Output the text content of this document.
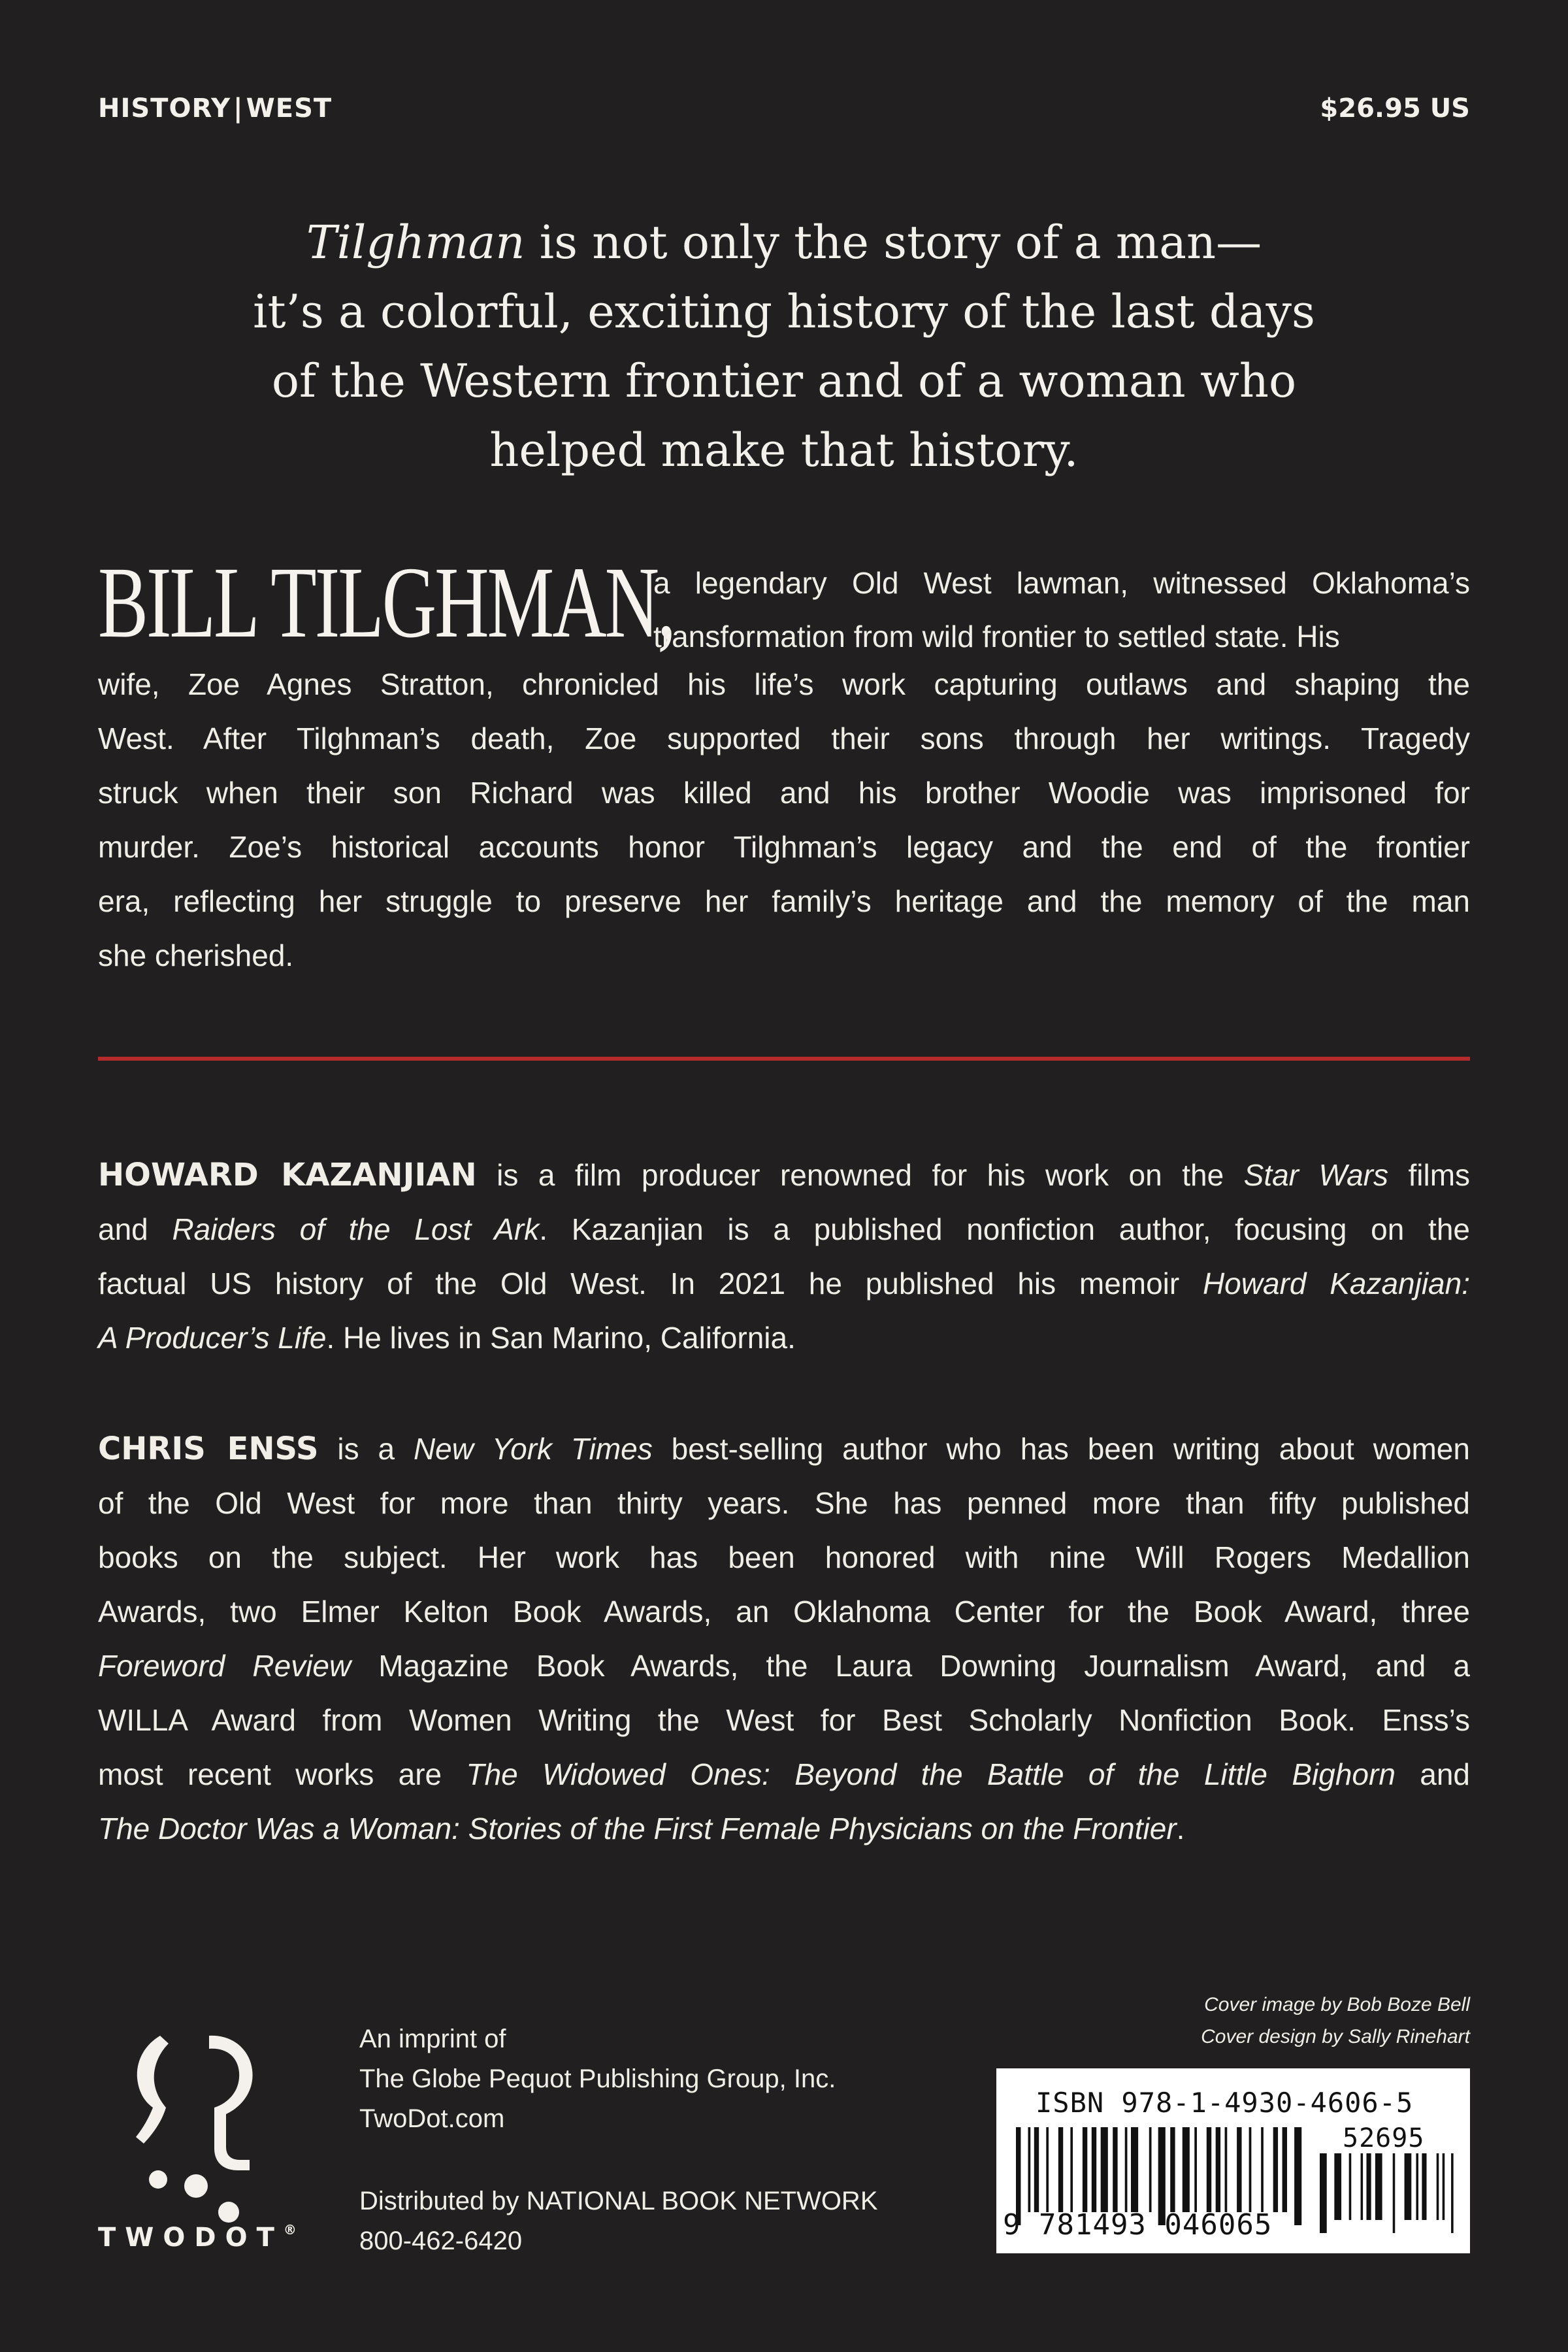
HISTORY | WEST	$26.95 US

Tilghman is not only the story of a man—
it’s a colorful, exciting history of the last days
of the Western frontier and of a woman who
helped make that history.

BILL TILGHMAN,

a legendary Old West lawman, witnessed Oklahoma’s transformation from wild frontier to settled state. His

wife, Zoe Agnes Stratton, chronicled his life’s work capturing outlaws and shaping the
West. After Tilghman’s death, Zoe supported their sons through her writings. Tragedy
struck when their son Richard was killed and his brother Woodie was imprisoned for
murder. Zoe’s historical accounts honor Tilghman’s legacy and the end of the frontier
era, reflecting her struggle to preserve her family’s heritage and the memory of the man
she cherished.

HOWARD KAZANJIAN is a film producer renowned for his work on the Star Wars films
and Raiders of the Lost Ark. Kazanjian is a published nonfiction author, focusing on the
factual US history of the Old West. In 2021 he published his memoir Howard Kazanjian:
A Producer’s Life. He lives in San Marino, California.

CHRIS ENSS is a New York Times best-selling author who has been writing about women
of the Old West for more than thirty years. She has penned more than fifty published
books on the subject. Her work has been honored with nine Will Rogers Medallion
Awards, two Elmer Kelton Book Awards, an Oklahoma Center for the Book Award, three
Foreword Review Magazine Book Awards, the Laura Downing Journalism Award, and a
WILLA Award from Women Writing the West for Best Scholarly Nonfiction Book. Enss’s
most recent works are The Widowed Ones: Beyond the Battle of the Little Bighorn and
The Doctor Was a Woman: Stories of the First Female Physicians on the Frontier.

TWODOT®
An imprint of
The Globe Pequot Publishing Group, Inc.
TwoDot.com
Distributed by NATIONAL BOOK NETWORK
800-462-6420
Cover image by Bob Boze Bell
Cover design by Sally Rinehart
ISBN 978-1-4930-4606-5
52695
9 781493 046065
